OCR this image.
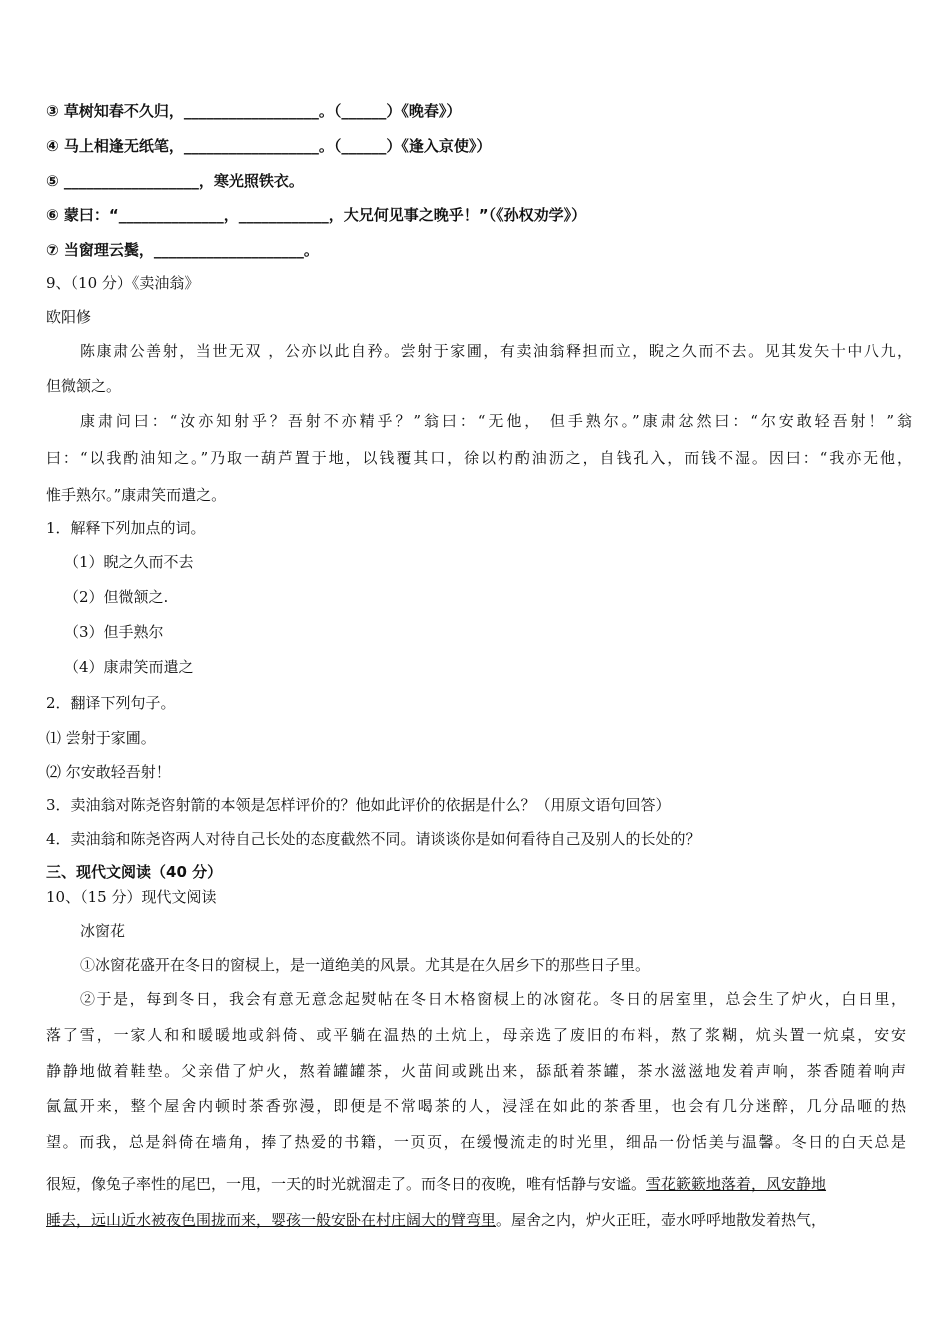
③ 草树知春不久归，__________________。（______）《晚春》）
④ 马上相逢无纸笔，__________________。（______）《逢入京使》）
⑤ __________________，寒光照铁衣。
⑥ 蒙曰：“______________，____________，大兄何见事之晚乎！”（《孙权劝学》）
⑦ 当窗理云鬓，____________________。
9、（10 分）《卖油翁》
欧阳修
陈康肃公善射，当世无双 ，公亦以此自矜。尝射于家圃，有卖油翁释担而立，睨之久而不去。见其发矢十中八九，
但微颔之。
康肃问曰：“汝亦知射乎？吾射不亦精乎？”翁曰：“无他， 但手熟尔。”康肃忿然曰：“尔安敢轻吾射！”翁
曰：“以我酌油知之。”乃取一葫芦置于地，以钱覆其口，徐以杓酌油沥之，自钱孔入，而钱不湿。因曰：“我亦无他，
惟手熟尔。”康肃笑而遣之。
1．解释下列加点的词。
（1）睨之久而不去
（2）但微颔之.
（3）但手熟尔
（4）康肃笑而遣之
2．翻译下列句子。
⑴ 尝射于家圃。
⑵ 尔安敢轻吾射！
3．卖油翁对陈尧咨射箭的本领是怎样评价的？他如此评价的依据是什么？（用原文语句回答）
4．卖油翁和陈尧咨两人对待自己长处的态度截然不同。请谈谈你是如何看待自己及别人的长处的？
三、现代文阅读（40 分）
10、（15 分）现代文阅读
冰窗花
①冰窗花盛开在冬日的窗棂上，是一道绝美的风景。尤其是在久居乡下的那些日子里。
②于是，每到冬日，我会有意无意念起熨帖在冬日木格窗棂上的冰窗花。冬日的居室里，总会生了炉火，白日里，
落了雪，一家人和和暖暖地或斜倚、或平躺在温热的土炕上，母亲选了废旧的布料，熬了浆糊，炕头置一炕桌，安安
静静地做着鞋垫。父亲借了炉火，熬着罐罐茶，火苗间或跳出来，舔舐着茶罐，茶水滋滋地发着声响，茶香随着响声
氤氲开来，整个屋舍内顿时茶香弥漫，即便是不常喝茶的人，浸淫在如此的茶香里，也会有几分迷醉，几分品咂的热
望。而我，总是斜倚在墙角，捧了热爱的书籍，一页页，在缓慢流走的时光里，细品一份恬美与温馨。冬日的白天总是
很短，像兔子率性的尾巴，一甩，一天的时光就溜走了。而冬日的夜晚，唯有恬静与安谧。雪花簌簌地落着，风安静地
睡去，远山近水被夜色围拢而来，婴孩一般安卧在村庄阔大的臂弯里。屋舍之内，炉火正旺，壶水呼呼地散发着热气，
